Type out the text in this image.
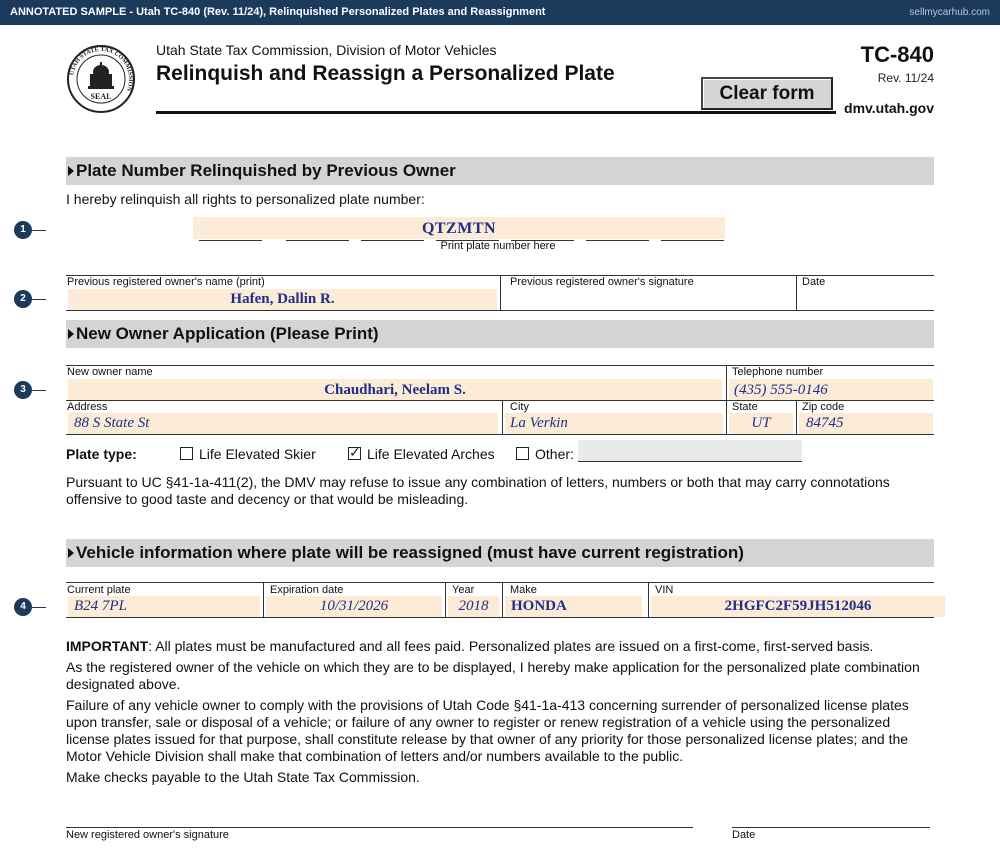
ANNOTATED SAMPLE - Utah TC-840 (Rev. 11/24), Relinquished Personalized Plates and Reassignment	sellmycarhub.com
UTAH STATE TAX COMMISSION
SEAL
Utah State Tax Commission, Division of Motor Vehicles
Relinquish and Reassign a Personalized Plate
Clear form
TC-840
Rev. 11/24
dmv.utah.gov
Plate Number Relinquished by Previous Owner
I hereby relinquish all rights to personalized plate number:
1	QTZMTN
Print plate number here
Previous registered owner's name (print)	Previous registered owner's signature	Date
2	Hafen, Dallin R.
New Owner Application (Please Print)
New owner name	Telephone number
3	Chaudhari, Neelam S.	(435) 555-0146
Address	City	State	Zip code
88 S State St	La Verkin	UT	84745
Plate type:	Life Elevated Skier
✓	Life Elevated Arches	Other:
Pursuant to UC §41-1a-411(2), the DMV may refuse to issue any combination of letters, numbers or both that may carry connotations offensive to good taste and decency or that would be misleading.
Vehicle information where plate will be reassigned (must have current registration)
Current plate	Expiration date	Year	Make	VIN
4	B24 7PL	10/31/2026	2018	HONDA	2HGFC2F59JH512046
IMPORTANT: All plates must be manufactured and all fees paid. Personalized plates are issued on a first-come, first-served basis.
As the registered owner of the vehicle on which they are to be displayed, I hereby make application for the personalized plate combination designated above.
Failure of any vehicle owner to comply with the provisions of Utah Code §41-1a-413 concerning surrender of personalized license plates upon transfer, sale or disposal of a vehicle; or failure of any owner to register or renew registration of a vehicle using the personalized license plates issued for that purpose, shall constitute release by that owner of any priority for those personalized license plates; and the Motor Vehicle Division shall make that combination of letters and/or numbers available to the public.
Make checks payable to the Utah State Tax Commission.
New registered owner's signature	Date
